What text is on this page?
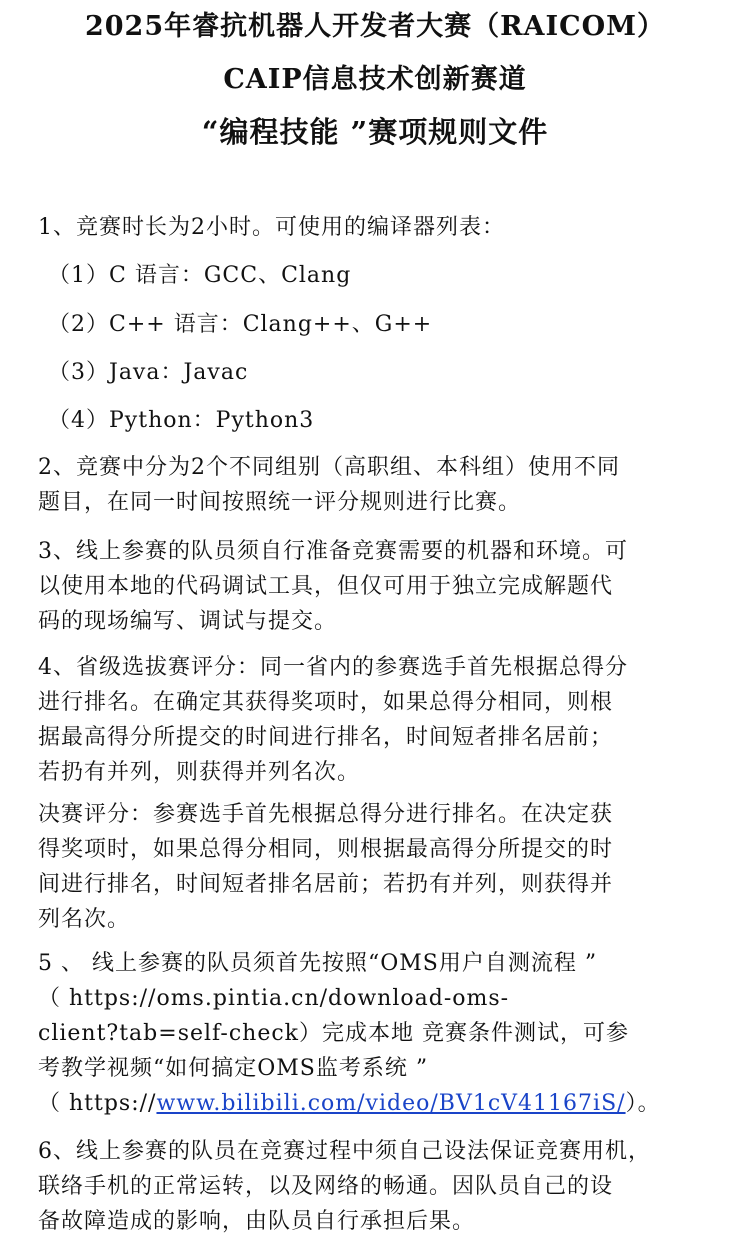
2025年睿抗机器人开发者大赛（RAICOM）
CAIP信息技术创新赛道
“编程技能 ”赛项规则文件
1、竞赛时长为2小时。可使用的编译器列表：
（1）C 语言：GCC、Clang
（2）C++ 语言：Clang++、G++
（3）Java：Javac
（4）Python：Python3
2、竞赛中分为2个不同组别（高职组、本科组）使用不同
题目，在同一时间按照统一评分规则进行比赛。
3、线上参赛的队员须自行准备竞赛需要的机器和环境。可
以使用本地的代码调试工具，但仅可用于独立完成解题代
码的现场编写、调试与提交。
4、省级选拔赛评分：同一省内的参赛选手首先根据总得分
进行排名。在确定其获得奖项时，如果总得分相同，则根
据最高得分所提交的时间进行排名，时间短者排名居前；
若扔有并列，则获得并列名次。
决赛评分：参赛选手首先根据总得分进行排名。在决定获
得奖项时，如果总得分相同，则根据最高得分所提交的时
间进行排名，时间短者排名居前；若扔有并列，则获得并
列名次。
5 、 线上参赛的队员须首先按照“OMS用户自测流程 ”
（ https://oms.pintia.cn/download-oms-
client?tab=self-check）完成本地 竞赛条件测试，可参
考教学视频“如何搞定OMS监考系统 ”
（ https://www.bilibili.com/video/BV1cV41167iS/）。
6、线上参赛的队员在竞赛过程中须自己设法保证竞赛用机，
联络手机的正常运转，以及网络的畅通。因队员自己的设
备故障造成的影响，由队员自行承担后果。
